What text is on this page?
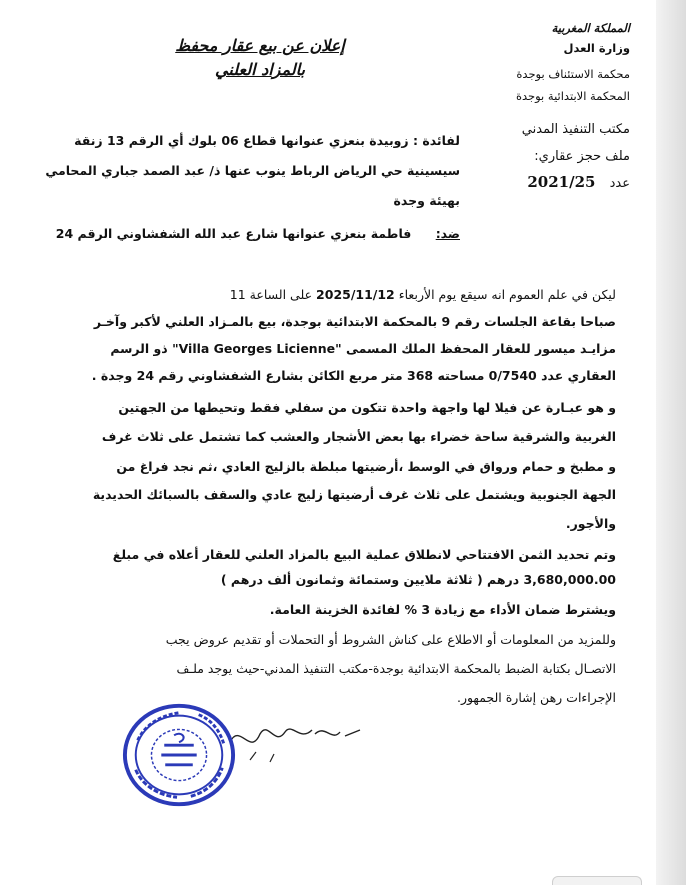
المملكة المغربية
وزارة العدل
محكمة الاستئناف بوجدة
المحكمة الابتدائية بوجدة
مكتب التنفيذ المدني
ملف حجز عقاري:
عدد 2021/25
إعلان عن بيع عقار محفظ
بالمزاد العلني
لفائدة : زوبيدة بنعزي عنوانها قطاع 06 بلوك أي الرقم 13 زنقة
سيسينية حي الرياض الرباط ينوب عنها ذ/ عبد الصمد جباري المحامي
بهيئة وجدة
ضد: فاطمة بنعزي عنوانها شارع عبد الله الشفشاوني الرقم 24
ليكن في علم العموم انه سيقع يوم الأربعاء 2025/11/12 على الساعة 11
صباحا بقاعة الجلسات رقم 9 بالمحكمة الابتدائية بوجدة، بيع بالمـزاد العلني لأكبر وآخـر
مزايـد ميسور للعقار المحفظ الملك المسمى "Villa Georges Licienne" ذو الرسم
العقاري عدد 0/7540 مساحته 368 متر مربع الكائن بشارع الشفشاوني رقم 24 وجدة .
و هو عبـارة عن فيلا لها واجهة واحدة تتكون من سفلي فقط وتحيطها من الجهتين
الغربية والشرقية ساحة خضراء بها بعض الأشجار والعشب كما تشتمل على ثلاث غرف
و مطبخ و حمام ورواق في الوسط ،أرضيتها مبلطة بالزليج العادي ،ثم نجد فراغ من
الجهة الجنوبية ويشتمل على ثلاث غرف أرضيتها زليج عادي والسقف بالسبائك الحديدية
والأجور.
وتم تحديد الثمن الافتتاحي لانطلاق عملية البيع بالمزاد العلني للعقار أعلاه في مبلغ
3,680,000.00 درهم ( ثلاثة ملايين وستمائة وثمانون ألف درهم )
ويشترط ضمان الأداء مع زيادة 3 % لفائدة الخزينة العامة.
وللمزيد من المعلومات أو الاطلاع على كناش الشروط أو التحملات أو تقديم عروض يجب
الاتصـال بكتابة الضبط بالمحكمة الابتدائية بوجدة-مكتب التنفيذ المدني-حيث يوجد ملـف
الإجراءات رهن إشارة الجمهور.
